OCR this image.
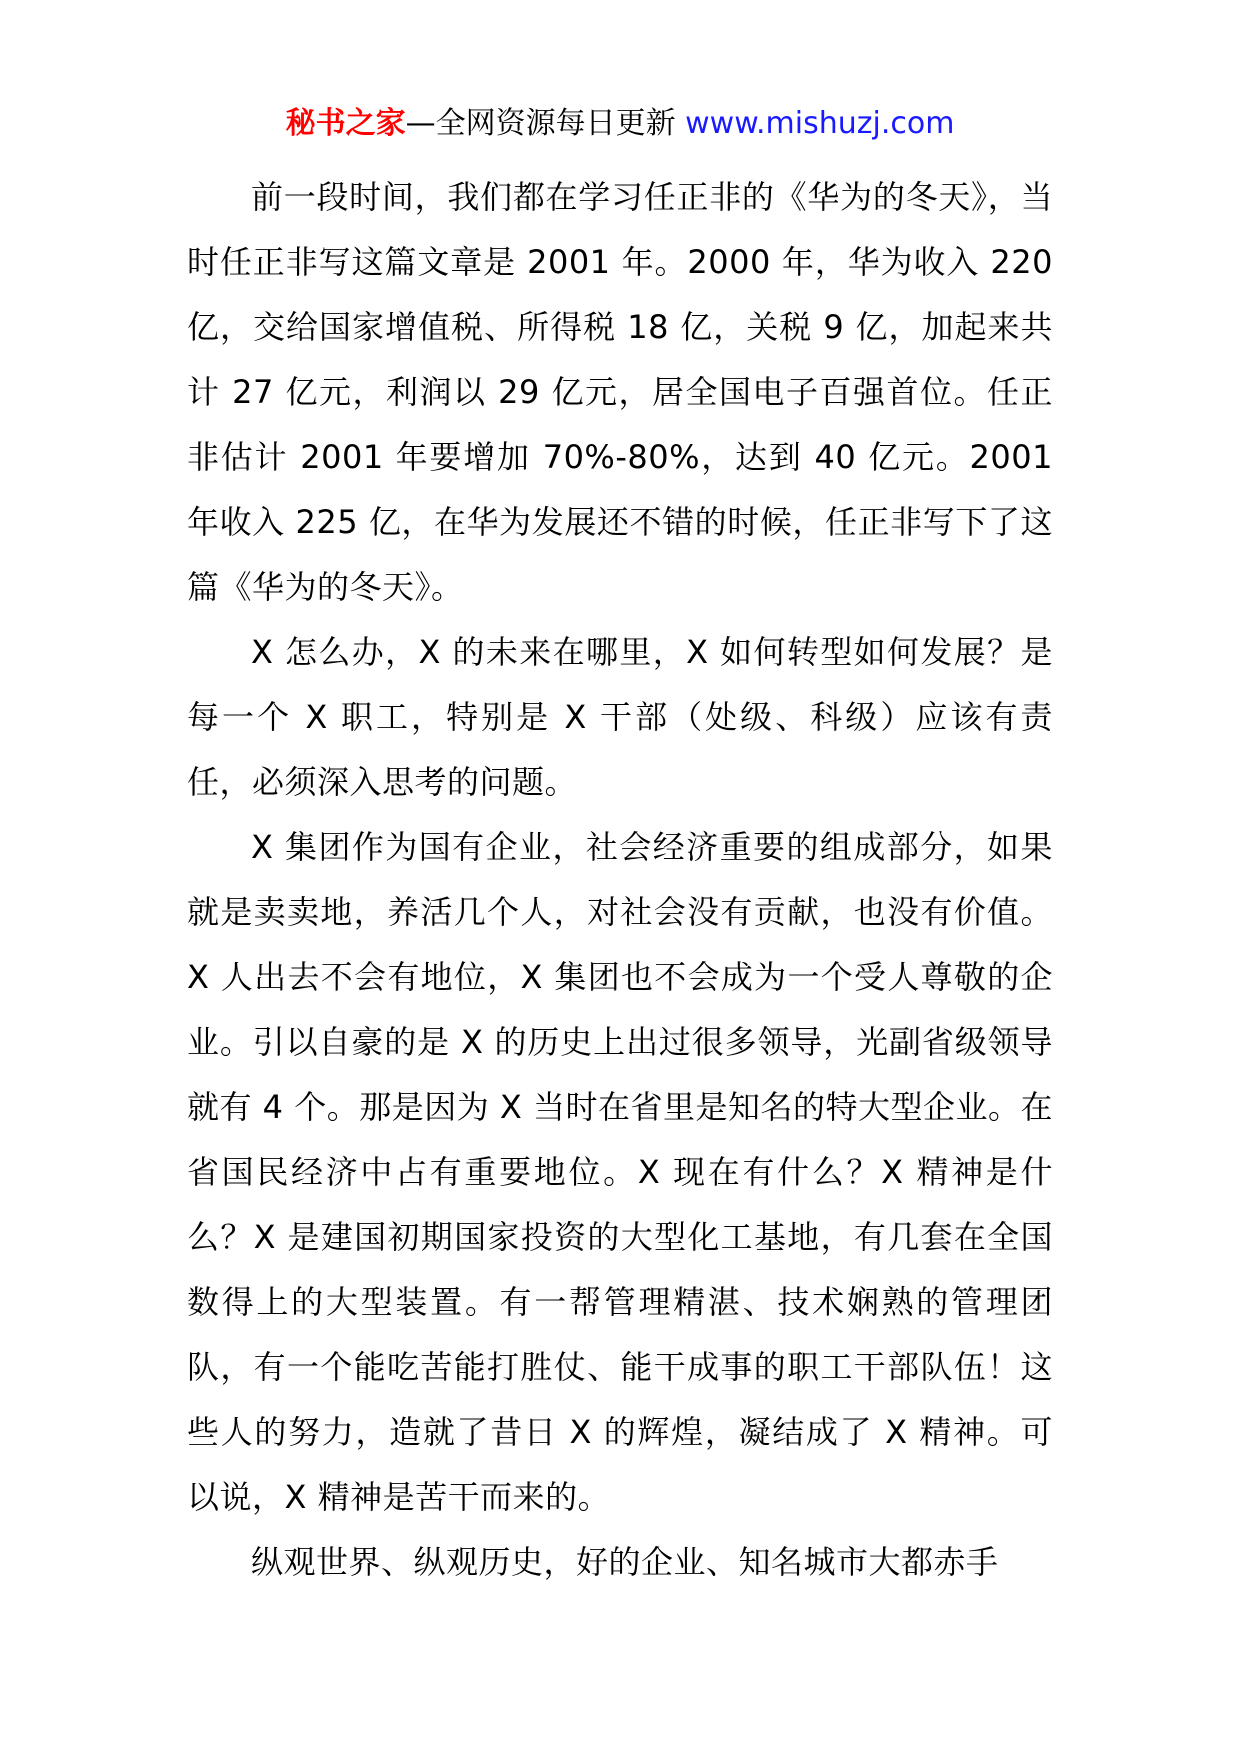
秘书之家—全网资源每日更新 www.mishuzj.com

前一段时间，我们都在学习任正非的《华为的冬天》，当时任正非写这篇文章是 2001 年。2000 年，华为收入 220 亿，交给国家增值税、所得税 18 亿，关税 9 亿，加起来共计 27 亿元，利润以 29 亿元，居全国电子百强首位。任正非估计 2001 年要增加 70%-80%，达到 40 亿元。2001 年收入 225 亿，在华为发展还不错的时候，任正非写下了这篇《华为的冬天》。

X 怎么办，X 的未来在哪里，X 如何转型如何发展？是每一个 X 职工，特别是 X 干部（处级、科级）应该有责任，必须深入思考的问题。

X 集团作为国有企业，社会经济重要的组成部分，如果就是卖卖地，养活几个人，对社会没有贡献，也没有价值。X 人出去不会有地位，X 集团也不会成为一个受人尊敬的企业。引以自豪的是 X 的历史上出过很多领导，光副省级领导就有 4 个。那是因为 X 当时在省里是知名的特大型企业。在省国民经济中占有重要地位。X 现在有什么？X 精神是什么？X 是建国初期国家投资的大型化工基地，有几套在全国数得上的大型装置。有一帮管理精湛、技术娴熟的管理团队，有一个能吃苦能打胜仗、能干成事的职工干部队伍！这些人的努力，造就了昔日 X 的辉煌，凝结成了 X 精神。可以说，X 精神是苦干而来的。

纵观世界、纵观历史，好的企业、知名城市大都赤手
